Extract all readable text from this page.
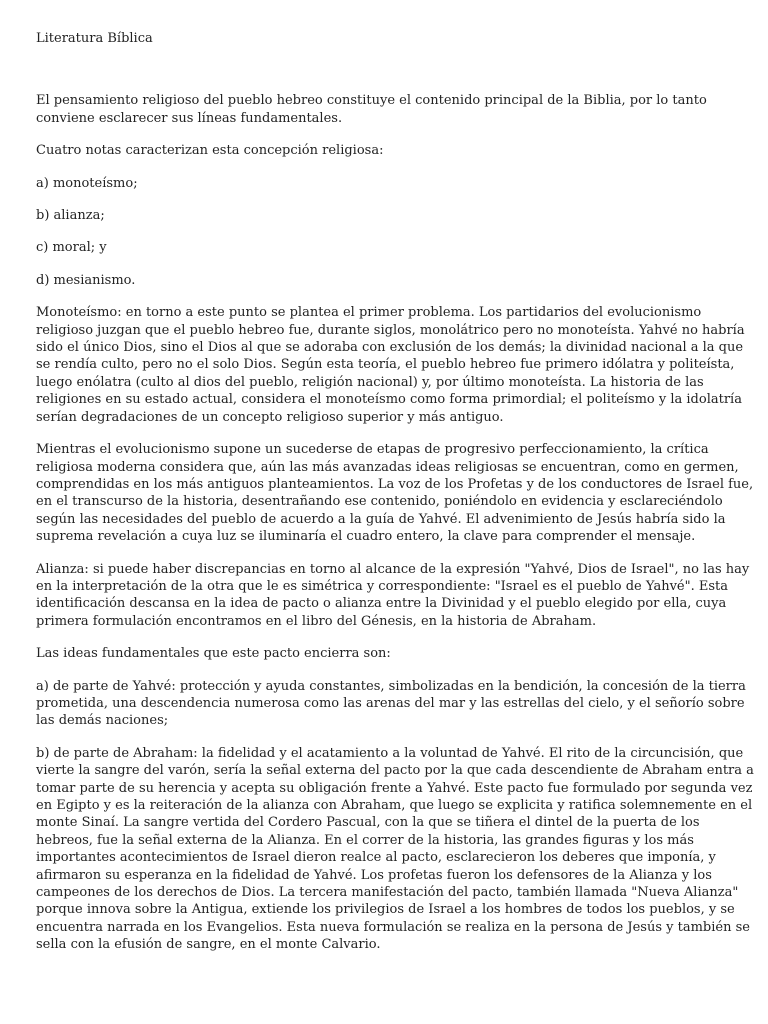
Literatura Bíblica

El pensamiento religioso del pueblo hebreo constituye el contenido principal de la Biblia, por lo tanto conviene esclarecer sus líneas fundamentales.

Cuatro notas caracterizan esta concepción religiosa:

a) monoteísmo;

b) alianza;

c) moral; y

d) mesianismo.

Monoteísmo: en torno a este punto se plantea el primer problema. Los partidarios del evolucionismo religioso juzgan que el pueblo hebreo fue, durante siglos, monolátrico pero no monoteísta. Yahvé no habría sido el único Dios, sino el Dios al que se adoraba con exclusión de los demás; la divinidad nacional a la que se rendía culto, pero no el solo Dios. Según esta teoría, el pueblo hebreo fue primero idólatra y politeísta, luego enólatra (culto al dios del pueblo, religión nacional) y, por último monoteísta. La historia de las religiones en su estado actual, considera el monoteísmo como forma primordial; el politeísmo y la idolatría serían degradaciones de un concepto religioso superior y más antiguo.

Mientras el evolucionismo supone un sucederse de etapas de progresivo perfeccionamiento, la crítica religiosa moderna considera que, aún las más avanzadas ideas religiosas se encuentran, como en germen, comprendidas en los más antiguos planteamientos. La voz de los Profetas y de los conductores de Israel fue, en el transcurso de la historia, desentrañando ese contenido, poniéndolo en evidencia y esclareciéndolo según las necesidades del pueblo de acuerdo a la guía de Yahvé. El advenimiento de Jesús habría sido la suprema revelación a cuya luz se iluminaría el cuadro entero, la clave para comprender el mensaje.

Alianza: si puede haber discrepancias en torno al alcance de la expresión "Yahvé, Dios de Israel", no las hay en la interpretación de la otra que le es simétrica y correspondiente: "Israel es el pueblo de Yahvé". Esta identificación descansa en la idea de pacto o alianza entre la Divinidad y el pueblo elegido por ella, cuya primera formulación encontramos en el libro del Génesis, en la historia de Abraham.

Las ideas fundamentales que este pacto encierra son:

a) de parte de Yahvé: protección y ayuda constantes, simbolizadas en la bendición, la concesión de la tierra prometida, una descendencia numerosa como las arenas del mar y las estrellas del cielo, y el señorío sobre las demás naciones;

b) de parte de Abraham: la fidelidad y el acatamiento a la voluntad de Yahvé. El rito de la circuncisión, que vierte la sangre del varón, sería la señal externa del pacto por la que cada descendiente de Abraham entra a tomar parte de su herencia y acepta su obligación frente a Yahvé. Este pacto fue formulado por segunda vez en Egipto y es la reiteración de la alianza con Abraham, que luego se explicita y ratifica solemnemente en el monte Sinaí. La sangre vertida del Cordero Pascual, con la que se tiñera el dintel de la puerta de los hebreos, fue la señal externa de la Alianza. En el correr de la historia, las grandes figuras y los más importantes acontecimientos de Israel dieron realce al pacto, esclarecieron los deberes que imponía, y afirmaron su esperanza en la fidelidad de Yahvé. Los profetas fueron los defensores de la Alianza y los campeones de los derechos de Dios. La tercera manifestación del pacto, también llamada "Nueva Alianza" porque innova sobre la Antigua, extiende los privilegios de Israel a los hombres de todos los pueblos, y se encuentra narrada en los Evangelios. Esta nueva formulación se realiza en la persona de Jesús y también se sella con la efusión de sangre, en el monte Calvario.
